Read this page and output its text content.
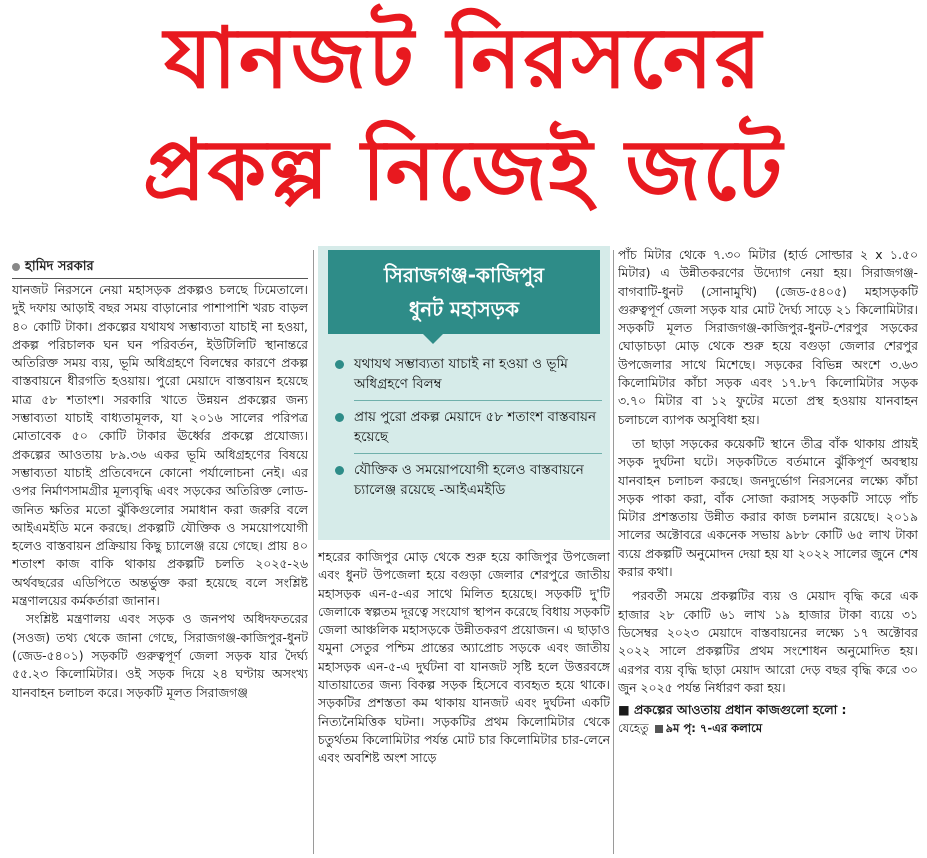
যানজট নিরসনের
প্রকল্প নিজেই জটে
হামিদ সরকার

যানজট নিরসনে নেয়া মহাসড়ক প্রকল্পও চলছে ঢিমেতালে। দুই দফায় আড়াই বছর সময় বাড়ানোর পাশাপাশি খরচ বাড়ল ৪০ কোটি টাকা। প্রকল্পের যথাযথ সম্ভাব্যতা যাচাই না হওয়া, প্রকল্প পরিচালক ঘন ঘন পরিবর্তন, ইউটিলিটি স্থানান্তরে অতিরিক্ত সময় ব্যয়, ভূমি অধিগ্রহণে বিলম্বের কারণে প্রকল্প বাস্তবায়নে ধীরগতি হওয়ায়। পুরো মেয়াদে বাস্তবায়ন হয়েছে মাত্র ৫৮ শতাংশ। সরকারি খাতে উন্নয়ন প্রকল্পের জন্য সম্ভাব্যতা যাচাই বাধ্যতামূলক, যা ২০১৬ সালের পরিপত্র মোতাবেক ৫০ কোটি টাকার ঊর্ধ্বের প্রকল্পে প্রযোজ্য। প্রকল্পের আওতায় ৮৯.৩৬ একর ভূমি অধিগ্রহণের বিষয়ে সম্ভাব্যতা যাচাই প্রতিবেদনে কোনো পর্যালোচনা নেই। এর ওপর নির্মাণসামগ্রীর মূল্যবৃদ্ধি এবং সড়কের অতিরিক্ত লোড-জনিত ক্ষতির মতো ঝুঁকিগুলোর সমাধান করা জরুরি বলে আইএমইডি মনে করছে। প্রকল্পটি যৌক্তিক ও সময়োপযোগী হলেও বাস্তবায়ন প্রক্রিয়ায় কিছু চ্যালেঞ্জ রয়ে গেছে। প্রায় ৪০ শতাংশ কাজ বাকি থাকায় প্রকল্পটি চলতি ২০২৫-২৬ অর্থবছরের এডিপিতে অন্তর্ভুক্ত করা হয়েছে বলে সংশ্লিষ্ট মন্ত্রণালয়ের কর্মকর্তারা জানান।

সংশ্লিষ্ট মন্ত্রণালয় এবং সড়ক ও জনপথ অধিদফতরের (সওজ) তথ্য থেকে জানা গেছে, সিরাজগঞ্জ-কাজিপুর-ধুনট (জেড-৫৪০১) সড়কটি গুরুত্বপূর্ণ জেলা সড়ক যার দৈর্ঘ্য ৫৫.২৩ কিলোমিটার। ওই সড়ক দিয়ে ২৪ ঘণ্টায় অসংখ্য যানবাহন চলাচল করে। সড়কটি মূলত সিরাজগঞ্জ

সিরাজগঞ্জ-কাজিপুর
ধুনট মহাসড়ক
যথাযথ সম্ভাব্যতা যাচাই না হওয়া ও ভূমি অধিগ্রহণে বিলম্ব
প্রায় পুরো প্রকল্প মেয়াদে ৫৮ শতাংশ বাস্তবায়ন হয়েছে
যৌক্তিক ও সময়োপযোগী হলেও বাস্তবায়নে চ্যালেঞ্জ রয়েছে -আইএমইডি

শহরের কাজিপুর মোড় থেকে শুরু হয়ে কাজিপুর উপজেলা এবং ধুনট উপজেলা হয়ে বগুড়া জেলার শেরপুরে জাতীয় মহাসড়ক এন-৫-এর সাথে মিলিত হয়েছে। সড়কটি দু'টি জেলাকে স্বল্পতম দূরত্বে সংযোগ স্থাপন করেছে বিধায় সড়কটি জেলা আঞ্চলিক মহাসড়কে উন্নীতকরণ প্রয়োজন। এ ছাড়াও যমুনা সেতুর পশ্চিম প্রান্তের অ্যাপ্রোচ সড়কে এবং জাতীয় মহাসড়ক এন-৫-এ দুর্ঘটনা বা যানজট সৃষ্টি হলে উত্তরবঙ্গে যাতায়াতের জন্য বিকল্প সড়ক হিসেবে ব্যবহৃত হয়ে থাকে। সড়কটির প্রশস্ততা কম থাকায় যানজট এবং দুর্ঘটনা একটি নিত্যনৈমিত্তিক ঘটনা। সড়কটির প্রথম কিলোমিটার থেকে চতুর্থতম কিলোমিটার পর্যন্ত মোট চার কিলোমিটার চার-লেনে এবং অবশিষ্ট অংশ সাড়ে

পাঁচ মিটার থেকে ৭.৩০ মিটার (হার্ড সোল্ডার ২ x ১.৫০ মিটার) এ উন্নীতকরণের উদ্যোগ নেয়া হয়। সিরাজগঞ্জ-বাগবাটি-ধুনট (সোনামুখি) (জেড-৫৪০৫) মহাসড়কটি গুরুত্বপূর্ণ জেলা সড়ক যার মোট দৈর্ঘ্য সাড়ে ২১ কিলোমিটার। সড়কটি মূলত সিরাজগঞ্জ-কাজিপুর-ধুনট-শেরপুর সড়কের ঘোড়াচড়া মোড় থেকে শুরু হয়ে বগুড়া জেলার শেরপুর উপজেলার সাথে মিশেছে। সড়কের বিভিন্ন অংশে ৩.৬৩ কিলোমিটার কাঁচা সড়ক এবং ১৭.৮৭ কিলোমিটার সড়ক ৩.৭০ মিটার বা ১২ ফুটের মতো প্রস্থ হওয়ায় যানবাহন চলাচলে ব্যাপক অসুবিধা হয়।

তা ছাড়া সড়কের কয়েকটি স্থানে তীব্র বাঁক থাকায় প্রায়ই সড়ক দুর্ঘটনা ঘটে। সড়কটিতে বর্তমানে ঝুঁকিপূর্ণ অবস্থায় যানবাহন চলাচল করছে। জনদুর্ভোগ নিরসনের লক্ষ্যে কাঁচা সড়ক পাকা করা, বাঁক সোজা করাসহ সড়কটি সাড়ে পাঁচ মিটার প্রশস্ততায় উন্নীত করার কাজ চলমান রয়েছে। ২০১৯ সালের অক্টোবরে একনেক সভায় ৯৮৮ কোটি ৬৫ লাখ টাকা ব্যয়ে প্রকল্পটি অনুমোদন দেয়া হয় যা ২০২২ সালের জুনে শেষ করার কথা।

পরবর্তী সময়ে প্রকল্পটির ব্যয় ও মেয়াদ বৃদ্ধি করে এক হাজার ২৮ কোটি ৬১ লাখ ১৯ হাজার টাকা ব্যয়ে ৩১ ডিসেম্বর ২০২৩ মেয়াদে বাস্তবায়নের লক্ষ্যে ১৭ অক্টোবর ২০২২ সালে প্রকল্পটির প্রথম সংশোধন অনুমোদিত হয়। এরপর ব্যয় বৃদ্ধি ছাড়া মেয়াদ আরো দেড় বছর বৃদ্ধি করে ৩০ জুন ২০২৫ পর্যন্ত নির্ধারণ করা হয়।

■ প্রকল্পের আওতায় প্রধান কাজগুলো হলো :

যেহেতু ৯ম পৃ: ৭-এর কলামে
